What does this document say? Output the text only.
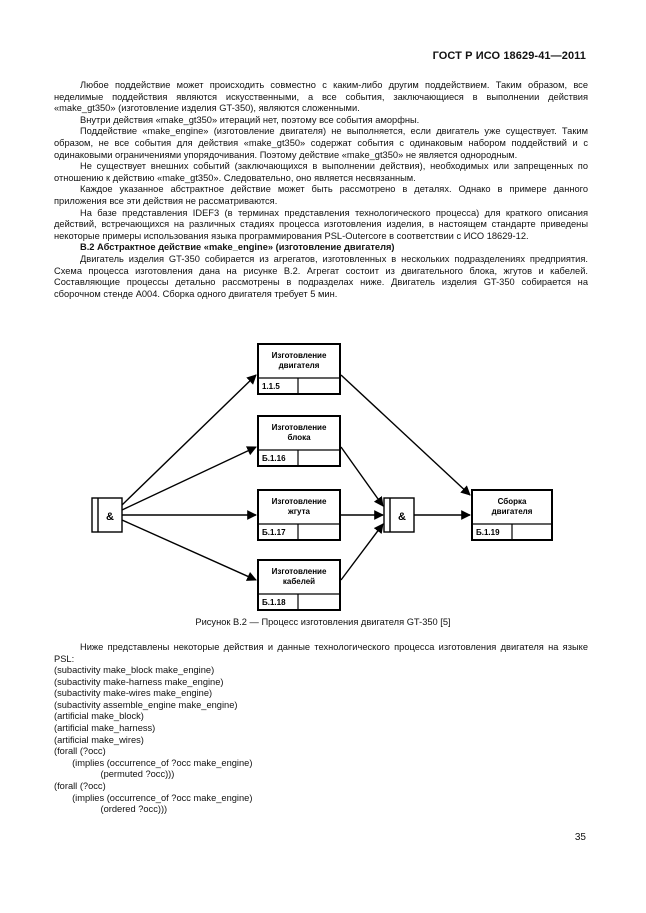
ГОСТ Р ИСО 18629-41—2011

Любое поддействие может происходить совместно с каким-либо другим поддействием. Таким образом, все неделимые поддействия являются искусственными, а все события, заключающиеся в выполнении действия «make_gt350» (изготовление изделия GT-350), являются сложенными.

Внутри действия «make_gt350» итераций нет, поэтому все события аморфны.

Поддействие «make_engine» (изготовление двигателя) не выполняется, если двигатель уже существует. Таким образом, не все события для действия «make_gt350» содержат события с одинаковым набором поддействий и с одинаковыми ограничениями упорядочивания. Поэтому действие «make_gt350» не является однородным.

Не существует внешних событий (заключающихся в выполнении действия), необходимых или запрещенных по отношению к действию «make_gt350». Следовательно, оно является несвязанным.

Каждое указанное абстрактное действие может быть рассмотрено в деталях. Однако в примере данного приложения все эти действия не рассматриваются.

На базе представления IDEF3 (в терминах представления технологического процесса) для краткого описания действий, встречающихся на различных стадиях процесса изготовления изделия, в настоящем стандарте приведены некоторые примеры использования языка программирования PSL-Outercore в соответствии с ИСО 18629-12.

В.2 Абстрактное действие «make_engine» (изготовление двигателя)

Двигатель изделия GT-350 собирается из агрегатов, изготовленных в нескольких подразделениях предприятия. Схема процесса изготовления дана на рисунке В.2. Агрегат состоит из двигательного блока, жгутов и кабелей. Составляющие процессы детально рассмотрены в подразделах ниже. Двигатель изделия GT-350 собирается на сборочном стенде А004. Сборка одного двигателя требует 5 мин.

&	&
Изготовление
двигателя
1.1.5
Изготовление
блока
Б.1.16
Изготовление
жгута
Б.1.17
Изготовление
кабелей
Б.1.18
Сборка
двигателя
Б.1.19
Рисунок В.2 — Процесс изготовления двигателя GT-350 [5]

Ниже представлены некоторые действия и данные технологического процесса изготовления двигателя на языке PSL:

(subactivity make_block make_engine)
(subactivity make-harness make_engine)
(subactivity make-wires make_engine)
(subactivity assemble_engine make_engine)
(artificial make_block)
(artificial make_harness)
(artificial make_wires)
(forall (?occ)
(implies (occurrence_of ?occ make_engine)
(permuted ?occ)))
(forall (?occ)
(implies (occurrence_of ?occ make_engine)
(ordered ?occ)))
35
